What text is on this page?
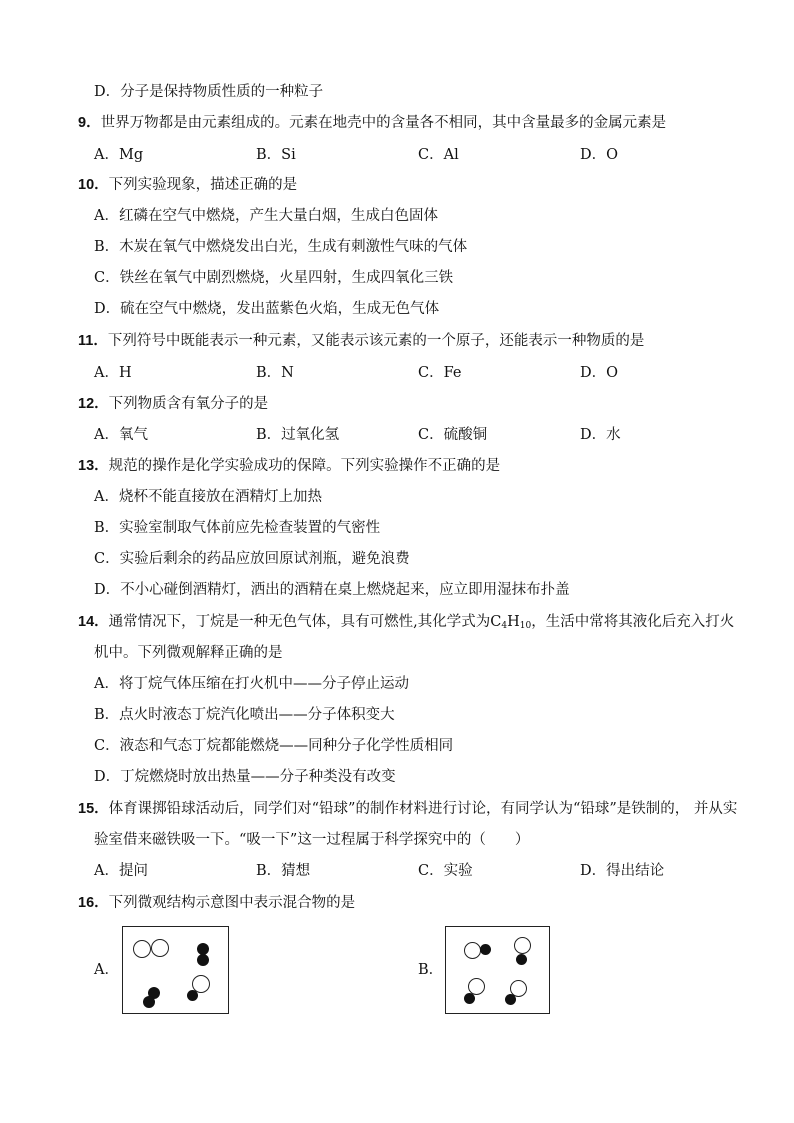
D．分子是保持物质性质的一种粒子
9．世界万物都是由元素组成的。元素在地壳中的含量各不相同，其中含量最多的金属元素是
A．Mg	B．Si	C．Al	D．O
10．下列实验现象，描述正确的是
A．红磷在空气中燃烧，产生大量白烟，生成白色固体
B．木炭在氧气中燃烧发出白光，生成有刺激性气味的气体
C．铁丝在氧气中剧烈燃烧，火星四射，生成四氧化三铁
D．硫在空气中燃烧，发出蓝紫色火焰，生成无色气体
11．下列符号中既能表示一种元素，又能表示该元素的一个原子，还能表示一种物质的是
A．H	B．N	C．Fe	D．O
12．下列物质含有氧分子的是
A．氧气	B．过氧化氢	C．硫酸铜	D．水
13．规范的操作是化学实验成功的保障。下列实验操作不正确的是
A．烧杯不能直接放在酒精灯上加热
B．实验室制取气体前应先检查装置的气密性
C．实验后剩余的药品应放回原试剂瓶，避免浪费
D．不小心碰倒酒精灯，洒出的酒精在桌上燃烧起来，应立即用湿抹布扑盖
14．通常情况下，丁烷是一种无色气体，具有可燃性,其化学式为$C_4H_{10}$，生活中常将其液化后充入打火
机中。下列微观解释正确的是
A．将丁烷气体压缩在打火机中——分子停止运动
B．点火时液态丁烷汽化喷出——分子体积变大
C．液态和气态丁烷都能燃烧——同种分子化学性质相同
D．丁烷燃烧时放出热量——分子种类没有改变
15．体育课掷铅球活动后，同学们对“铅球”的制作材料进行讨论，有同学认为“铅球”是铁制的， 并从实
验室借来磁铁吸一下。“吸一下”这一过程属于科学探究中的（　　）
A．提问	B．猜想	C．实验	D．得出结论
16．下列微观结构示意图中表示混合物的是
A．	B．
